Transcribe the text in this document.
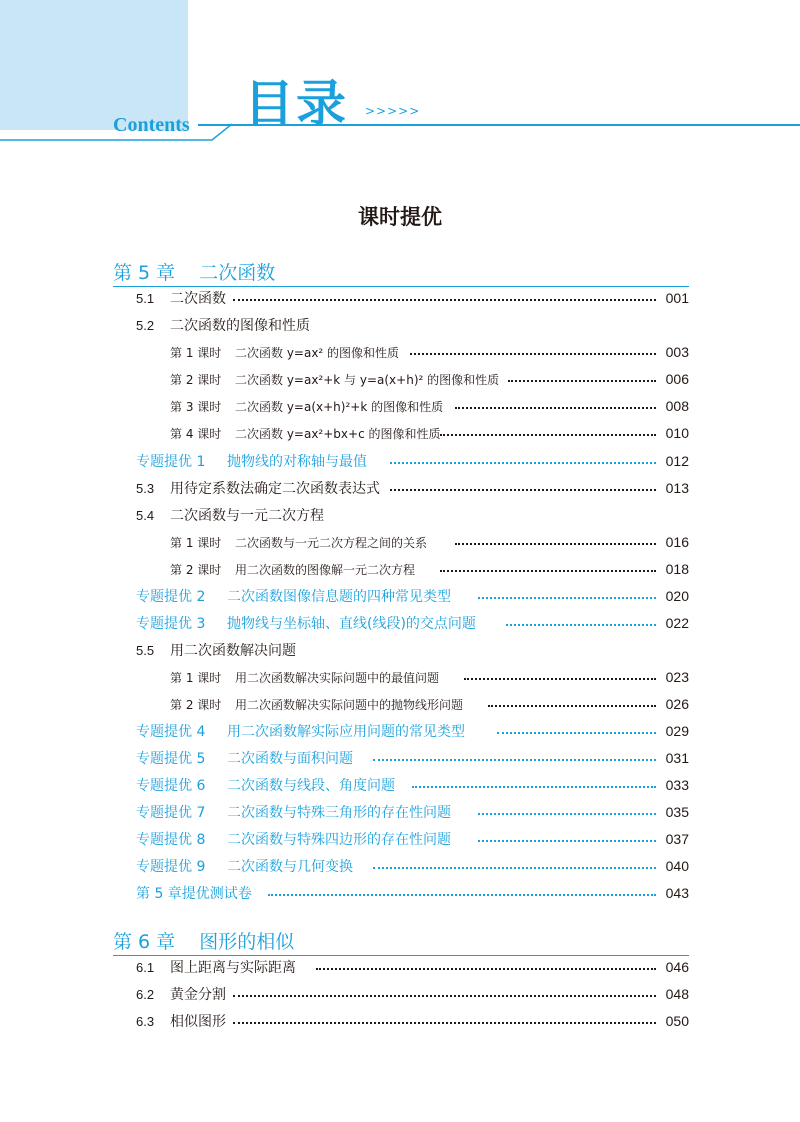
目录 >>>>>
Contents
课时提优
第 5 章 二次函数
5.1 二次函数	001
5.2 二次函数的图像和性质
第 1 课时 二次函数 y=ax² 的图像和性质	003
第 2 课时 二次函数 y=ax²+k 与 y=a(x+h)² 的图像和性质	006
第 3 课时 二次函数 y=a(x+h)²+k 的图像和性质	008
第 4 课时 二次函数 y=ax²+bx+c 的图像和性质	010
专题提优 1 抛物线的对称轴与最值	012
5.3 用待定系数法确定二次函数表达式	013
5.4 二次函数与一元二次方程
第 1 课时 二次函数与一元二次方程之间的关系	016
第 2 课时 用二次函数的图像解一元二次方程	018
专题提优 2 二次函数图像信息题的四种常见类型	020
专题提优 3 抛物线与坐标轴、直线(线段)的交点问题	022
5.5 用二次函数解决问题
第 1 课时 用二次函数解决实际问题中的最值问题	023
第 2 课时 用二次函数解决实际问题中的抛物线形问题	026
专题提优 4 用二次函数解实际应用问题的常见类型	029
专题提优 5 二次函数与面积问题	031
专题提优 6 二次函数与线段、角度问题	033
专题提优 7 二次函数与特殊三角形的存在性问题	035
专题提优 8 二次函数与特殊四边形的存在性问题	037
专题提优 9 二次函数与几何变换	040
第 5 章提优测试卷	043
第 6 章 图形的相似
6.1 图上距离与实际距离	046
6.2 黄金分割	048
6.3 相似图形	050
